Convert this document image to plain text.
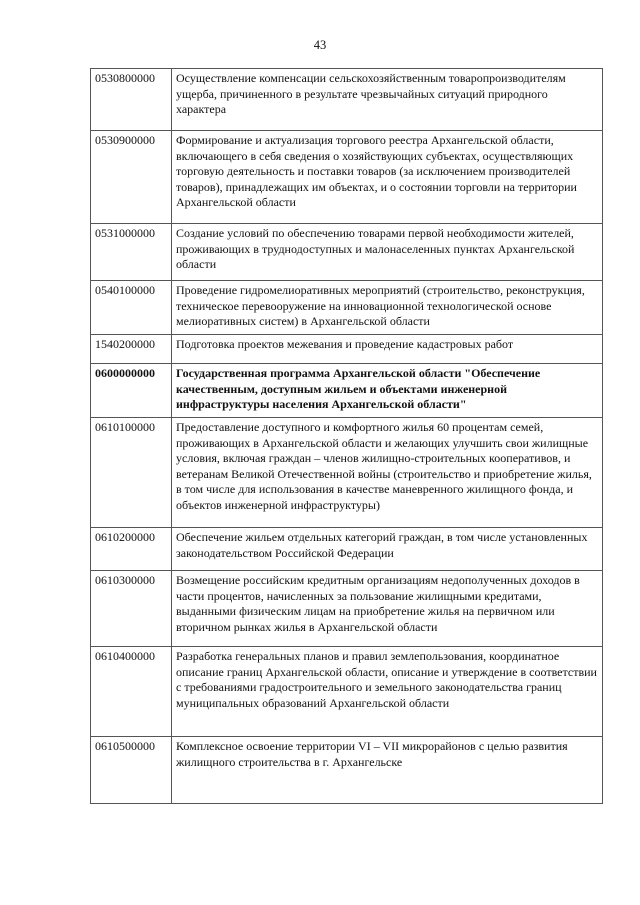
43
0530800000	Осуществление компенсации сельскохозяйственным товаропроизводителям ущерба, причиненного в результате чрезвычайных ситуаций природного характера
0530900000	Формирование и актуализация торгового реестра Архангельской области, включающего в себя сведения о хозяйствующих субъектах, осуществляющих торговую деятельность и поставки товаров (за исключением производителей товаров), принадлежащих им объектах, и о состоянии торговли на территории Архангельской области
0531000000	Создание условий по обеспечению товарами первой необходимости жителей, проживающих в труднодоступных и малонаселенных пунктах Архангельской области
0540100000	Проведение гидромелиоративных мероприятий (строительство, реконструкция, техническое перевооружение на инновационной технологической основе мелиоративных систем) в Архангельской области
1540200000	Подготовка проектов межевания и проведение кадастровых работ
0600000000	Государственная программа Архангельской области "Обеспечение качественным, доступным жильем и объектами инженерной инфраструктуры населения Архангельской области"
0610100000	Предоставление доступного и комфортного жилья 60 процентам семей, проживающих в Архангельской области и желающих улучшить свои жилищные условия, включая граждан – членов жилищно-строительных кооперативов, и ветеранам Великой Отечественной войны (строительство и приобретение жилья, в том числе для использования в качестве маневренного жилищного фонда, и объектов инженерной инфраструктуры)
0610200000	Обеспечение жильем отдельных категорий граждан, в том числе установленных законодательством Российской Федерации
0610300000	Возмещение российским кредитным организациям недополученных доходов в части процентов, начисленных за пользование жилищными кредитами, выданными физическим лицам на приобретение жилья на первичном или вторичном рынках жилья в Архангельской области
0610400000	Разработка генеральных планов и правил землепользования, координатное описание границ Архангельской области, описание и утверждение в соответствии с требованиями градостроительного и земельного законодательства границ муниципальных образований Архангельской области
0610500000	Комплексное освоение территории VI – VII микрорайонов с целью развития жилищного строительства в г. Архангельске
